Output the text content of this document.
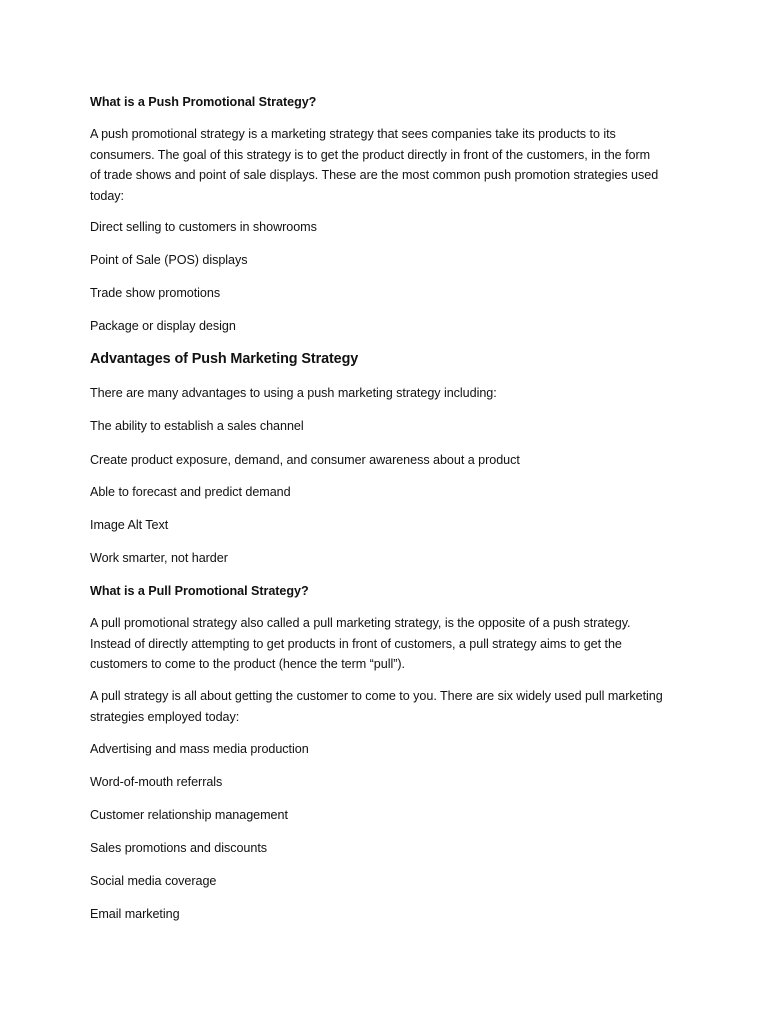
What is a Push Promotional Strategy?
A push promotional strategy is a marketing strategy that sees companies take its products to its
consumers. The goal of this strategy is to get the product directly in front of the customers, in the form
of trade shows and point of sale displays. These are the most common push promotion strategies used
today:
Direct selling to customers in showrooms
Point of Sale (POS) displays
Trade show promotions
Package or display design
Advantages of Push Marketing Strategy
There are many advantages to using a push marketing strategy including:
The ability to establish a sales channel
Create product exposure, demand, and consumer awareness about a product
Able to forecast and predict demand
Image Alt Text
Work smarter, not harder
What is a Pull Promotional Strategy?
A pull promotional strategy also called a pull marketing strategy, is the opposite of a push strategy.
Instead of directly attempting to get products in front of customers, a pull strategy aims to get the
customers to come to the product (hence the term “pull”).
A pull strategy is all about getting the customer to come to you. There are six widely used pull marketing
strategies employed today:
Advertising and mass media production
Word-of-mouth referrals
Customer relationship management
Sales promotions and discounts
Social media coverage
Email marketing
